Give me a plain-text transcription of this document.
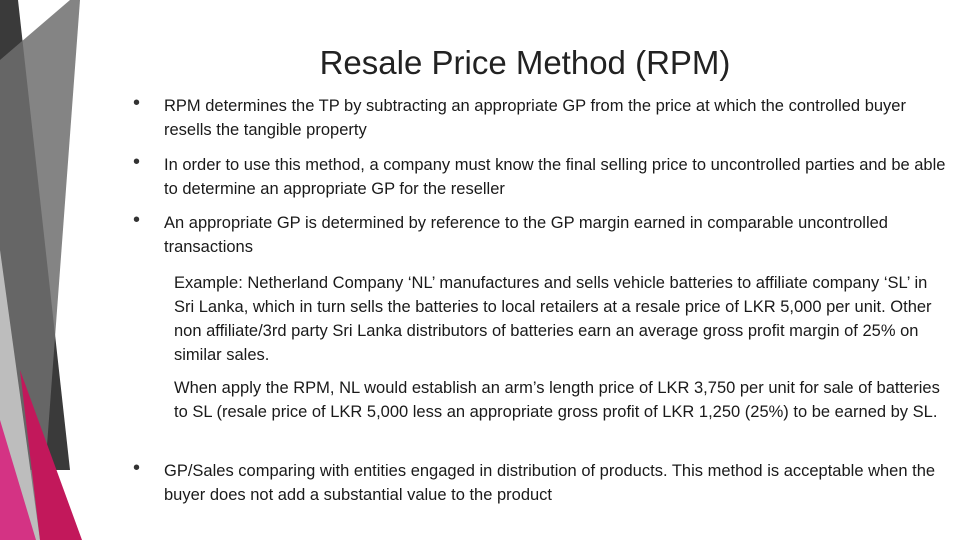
Resale Price Method (RPM)
• RPM determines the TP by subtracting an appropriate GP from the price at which the controlled buyer resells the tangible property
• In order to use this method, a company must know the final selling price to uncontrolled parties and be able to determine an appropriate GP for the reseller
• An appropriate GP is determined by reference to the GP margin earned in comparable uncontrolled transactions
Example: Netherland Company ‘NL’ manufactures and sells vehicle batteries to affiliate company ‘SL’ in Sri Lanka, which in turn sells the batteries to local retailers at a resale price of LKR 5,000 per unit. Other non affiliate/3rd party Sri Lanka distributors of batteries earn an average gross profit margin of 25% on similar sales.
When apply the RPM, NL would establish an arm’s length price of LKR 3,750 per unit for sale of batteries to SL (resale price of LKR 5,000 less an appropriate gross profit of LKR 1,250 (25%) to be earned by SL.
• GP/Sales comparing with entities engaged in distribution of products. This method is acceptable when the buyer does not add a substantial value to the product
